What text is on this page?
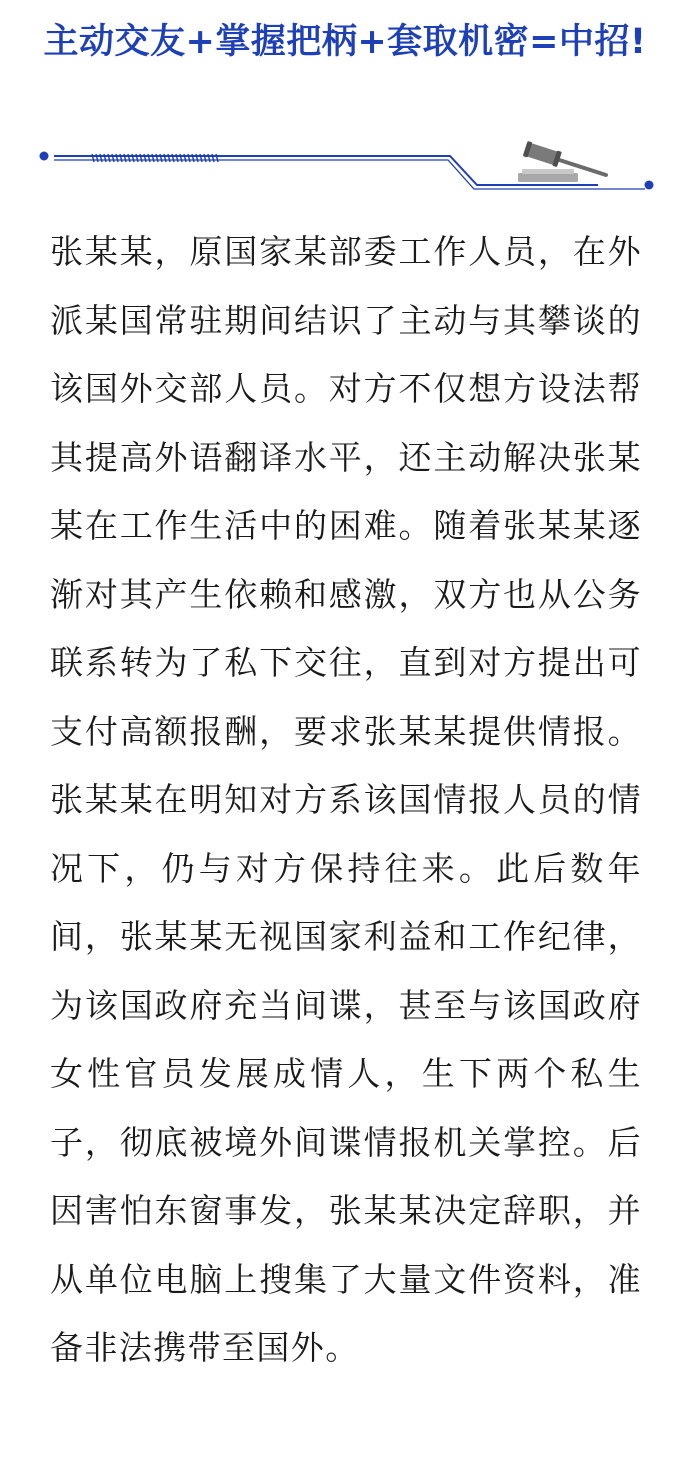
主动交友+掌握把柄+套取机密=中招!
张某某，原国家某部委工作人员，在外派某国常驻期间结识了主动与其攀谈的该国外交部人员。对方不仅想方设法帮其提高外语翻译水平，还主动解决张某某在工作生活中的困难。随着张某某逐渐对其产生依赖和感激，双方也从公务联系转为了私下交往，直到对方提出可支付高额报酬，要求张某某提供情报。张某某在明知对方系该国情报人员的情况下，仍与对方保持往来。此后数年间，张某某无视国家利益和工作纪律，为该国政府充当间谍，甚至与该国政府女性官员发展成情人，生下两个私生子，彻底被境外间谍情报机关掌控。后因害怕东窗事发，张某某决定辞职，并从单位电脑上搜集了大量文件资料，准备非法携带至国外。
